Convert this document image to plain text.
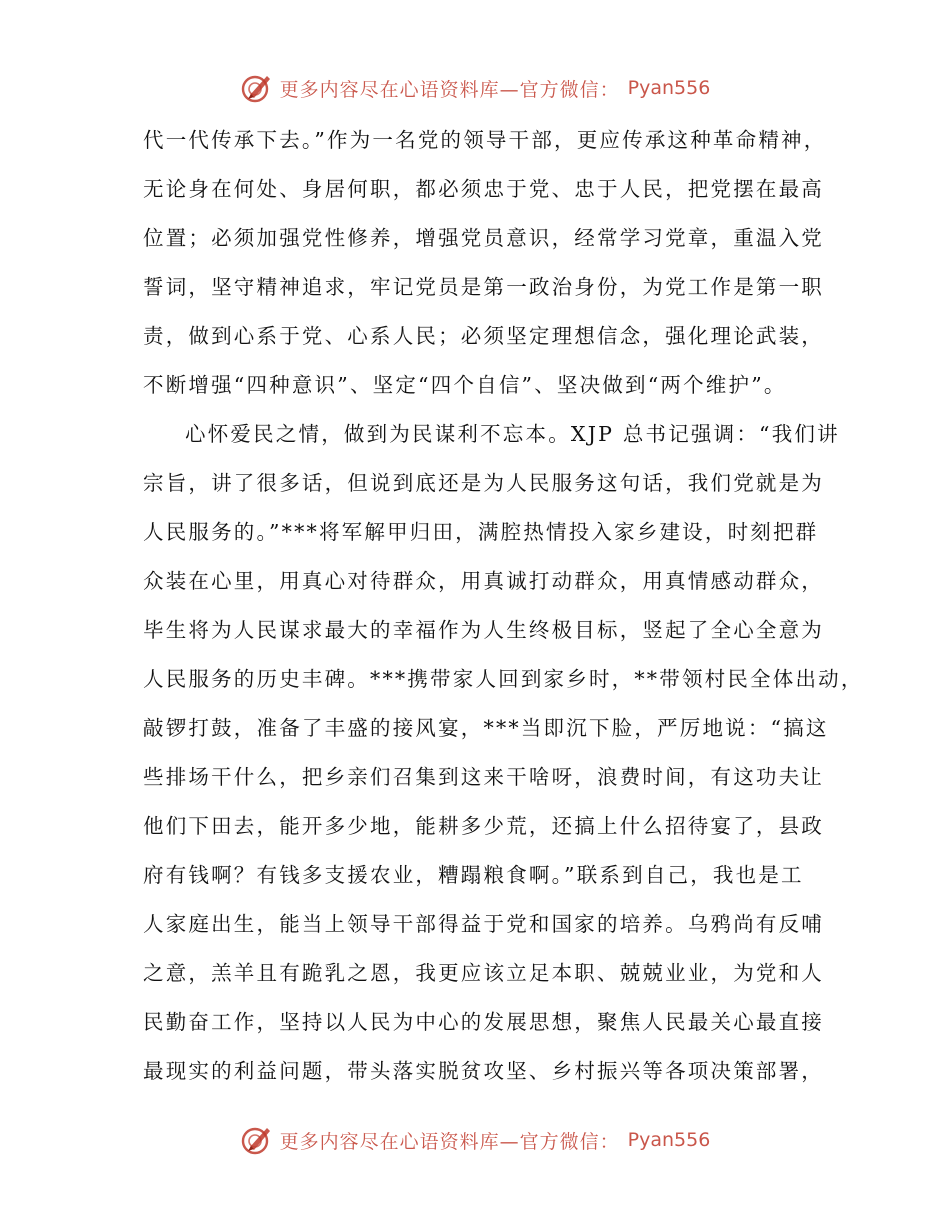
更多内容尽在心语资料库—官方微信： Pyan556
代一代传承下去。”作为一名党的领导干部，更应传承这种革命精神，
无论身在何处、身居何职，都必须忠于党、忠于人民，把党摆在最高
位置；必须加强党性修养，增强党员意识，经常学习党章，重温入党
誓词，坚守精神追求，牢记党员是第一政治身份，为党工作是第一职
责，做到心系于党、心系人民；必须坚定理想信念，强化理论武装，
不断增强“四种意识”、坚定“四个自信”、坚决做到“两个维护”。
心怀爱民之情，做到为民谋利不忘本。XJP 总书记强调：“我们讲
宗旨，讲了很多话，但说到底还是为人民服务这句话，我们党就是为
人民服务的。”***将军解甲归田，满腔热情投入家乡建设，时刻把群
众装在心里，用真心对待群众，用真诚打动群众，用真情感动群众，
毕生将为人民谋求最大的幸福作为人生终极目标，竖起了全心全意为
人民服务的历史丰碑。***携带家人回到家乡时，**带领村民全体出动，
敲锣打鼓，准备了丰盛的接风宴，***当即沉下脸，严厉地说：“搞这
些排场干什么，把乡亲们召集到这来干啥呀，浪费时间，有这功夫让
他们下田去，能开多少地，能耕多少荒，还搞上什么招待宴了，县政
府有钱啊？有钱多支援农业，糟蹋粮食啊。”联系到自己，我也是工
人家庭出生，能当上领导干部得益于党和国家的培养。乌鸦尚有反哺
之意，羔羊且有跪乳之恩，我更应该立足本职、兢兢业业，为党和人
民勤奋工作，坚持以人民为中心的发展思想，聚焦人民最关心最直接
最现实的利益问题，带头落实脱贫攻坚、乡村振兴等各项决策部署，
更多内容尽在心语资料库—官方微信： Pyan556
